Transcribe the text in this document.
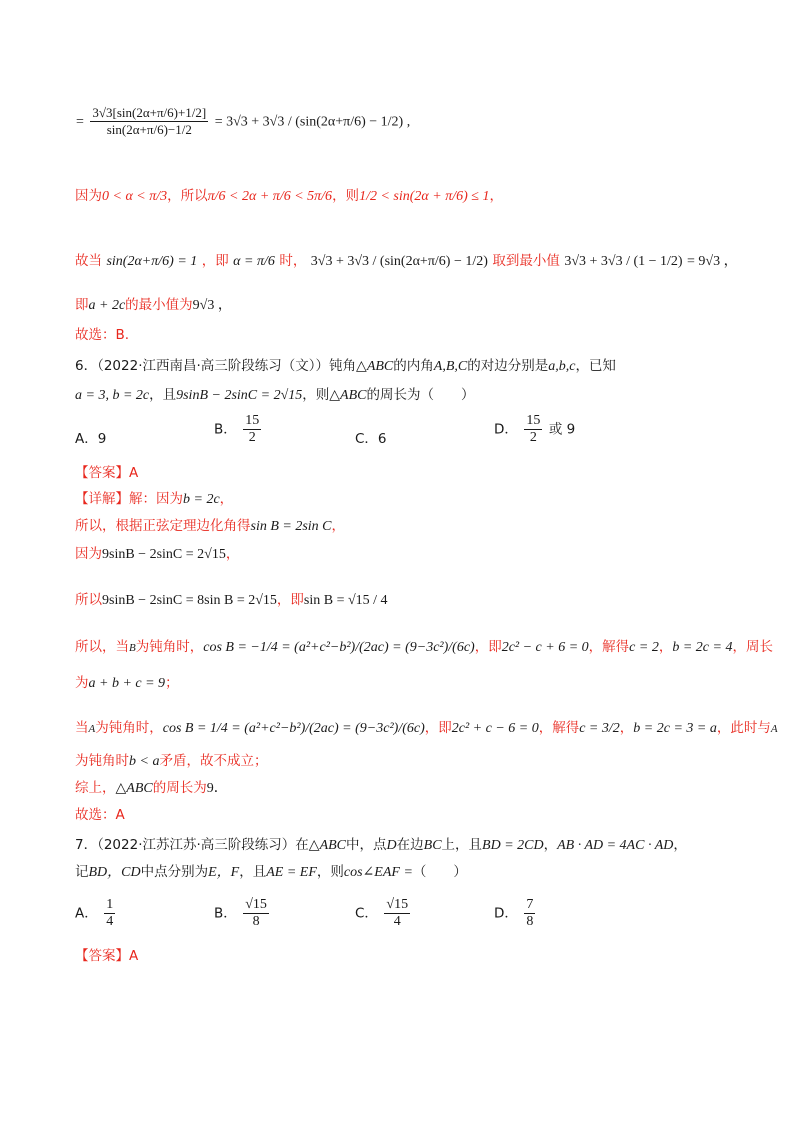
= $\frac{3√3[\sin(2\alpha+\pi/6)+1/2]}{\sin(2\alpha+\pi/6)-1/2} = 3√3 + 3√3 / (\sin(2\alpha+\pi/6) - 1/2)$ ,
因为0 < α < π/3，所以π/6 < 2α + π/6 < 5π/6，则1/2 < sin(2α + π/6) ≤ 1，
故当 sin(2α+π/6) = 1 ，即 α = π/6 时， 3√3 + 3√3 / (sin(2α+π/6) − 1/2) 取到最小值 3√3 + 3√3 / (1 − 1/2) = 9√3 ，
即a + 2c的最小值为9√3 ，
故选：B.
6．（2022·江西南昌·高三阶段练习（文））钝角△ABC的内角A,B,C的对边分别是a,b,c，已知
a = 3, b = 2c，且9sinB − 2sinC = 2√15，则△ABC的周长为（　　）
A．9
B． $\frac{15}{2}$	C．6
D． $\frac{15}{2}$ 或 9
【答案】A
【详解】解：因为b = 2c，
所以，根据正弦定理边化角得sin B = 2sin C，
因为9sinB − 2sinC = 2√15，
所以9sinB − 2sinC = 8sin B = 2√15，即sin B = √15 / 4
所以，当B为钝角时，cos B = −1/4 = (a²+c²−b²)/(2ac) = (9−3c²)/(6c)，即2c² − c + 6 = 0，解得c = 2，b = 2c = 4，周长
为a + b + c = 9；
当A为钝角时，cos B = 1/4 = (a²+c²−b²)/(2ac) = (9−3c²)/(6c)，即2c² + c − 6 = 0，解得c = 3/2，b = 2c = 3 = a，此时与A
为钝角时b < a矛盾，故不成立；
综上，△ABC的周长为9．
故选：A
7．（2022·江苏江苏·高三阶段练习）在△ABC中，点D在边BC上，且BD = 2CD，AB · AD = 4AC · AD，
记BD，CD中点分别为E，F，且AE = EF，则cos∠EAF =（　　）
A． $\frac{1}{4}$	B． $\frac{√15}{8}$	C． $\frac{√15}{4}$	D． $\frac{7}{8}$
【答案】A
